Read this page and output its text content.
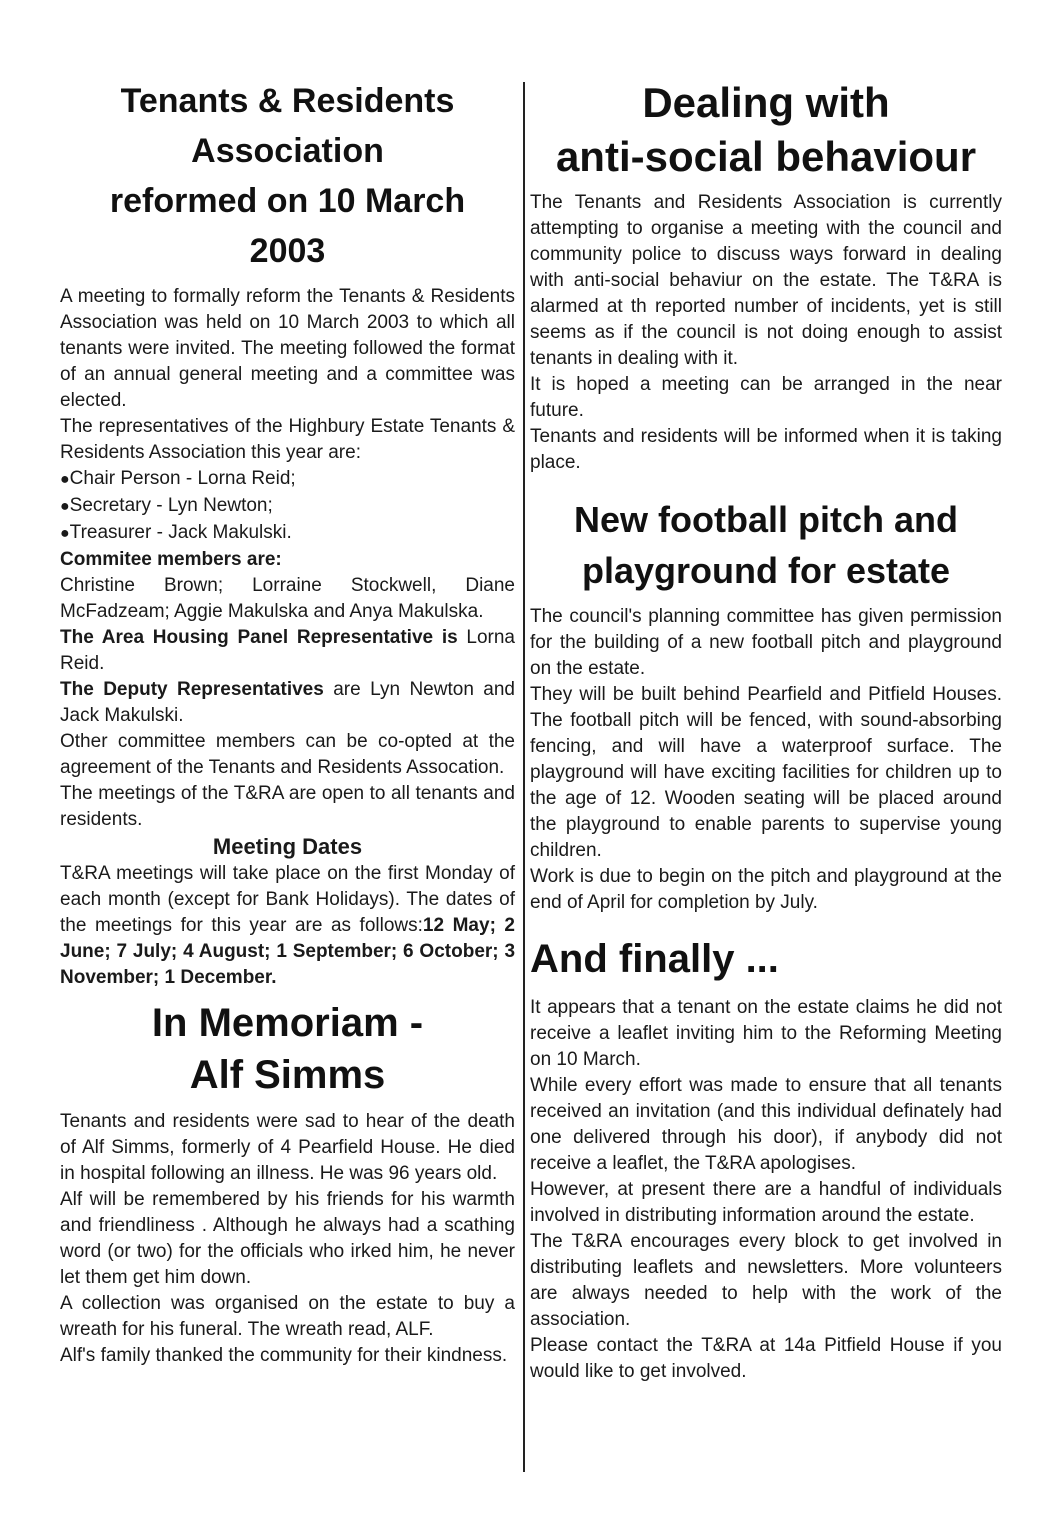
Tenants & Residents
Association
reformed on 10 March
2003

A meeting to formally reform the Tenants & Residents Association was held on 10 March 2003 to which all tenants were invited. The meeting followed the format of an annual general meeting and a committee was elected.

The representatives of the Highbury Estate Tenants & Residents Association this year are:

●Chair Person - Lorna Reid;
●Secretary - Lyn Newton;
●Treasurer - Jack Makulski.
Commitee members are:

Christine Brown; Lorraine Stockwell, Diane McFadzeam; Aggie Makulska and Anya Makulska.

The Area Housing Panel Representative is Lorna Reid.

The Deputy Representatives are Lyn Newton and Jack Makulski.

Other committee members can be co-opted at the agreement of the Tenants and Residents Assocation.

The meetings of the T&RA are open to all tenants and residents.

Meeting Dates

T&RA meetings will take place on the first Monday of each month (except for Bank Holidays). The dates of the meetings for this year are as follows:12 May; 2 June; 7 July; 4 August; 1 September; 6 October; 3 November; 1 December.

In Memoriam -
Alf Simms

Tenants and residents were sad to hear of the death of Alf Simms, formerly of 4 Pearfield House. He died in hospital following an illness. He was 96 years old.

Alf will be remembered by his friends for his warmth and friendliness . Although he always had a scathing word (or two) for the officials who irked him, he never let them get him down.

A collection was organised on the estate to buy a wreath for his funeral. The wreath read, ALF.

Alf's family thanked the community for their kindness.

Dealing with
anti-social behaviour

The Tenants and Residents Association is currently attempting to organise a meeting with the council and community police to discuss ways forward in dealing with anti-social behaviur on the estate. The T&RA is alarmed at th reported number of incidents, yet is still seems as if the council is not doing enough to assist tenants in dealing with it.

It is hoped a meeting can be arranged in the near future.

Tenants and residents will be informed when it is taking place.

New football pitch and
playground for estate

The council's planning committee has given permission for the building of a new football pitch and playground on the estate.

They will be built behind Pearfield and Pitfield Houses. The football pitch will be fenced, with sound-absorbing fencing, and will have a waterproof surface. The playground will have exciting facilities for children up to the age of 12. Wooden seating will be placed around the playground to enable parents to supervise young children.

Work is due to begin on the pitch and playground at the end of April for completion by July.

And finally ...

It appears that a tenant on the estate claims he did not receive a leaflet inviting him to the Reforming Meeting on 10 March.

While every effort was made to ensure that all tenants received an invitation (and this individual definately had one delivered through his door), if anybody did not receive a leaflet, the T&RA apologises.

However, at present there are a handful of individuals involved in distributing information around the estate.

The T&RA encourages every block to get involved in distributing leaflets and newsletters. More volunteers are always needed to help with the work of the association.

Please contact the T&RA at 14a Pitfield House if you would like to get involved.
